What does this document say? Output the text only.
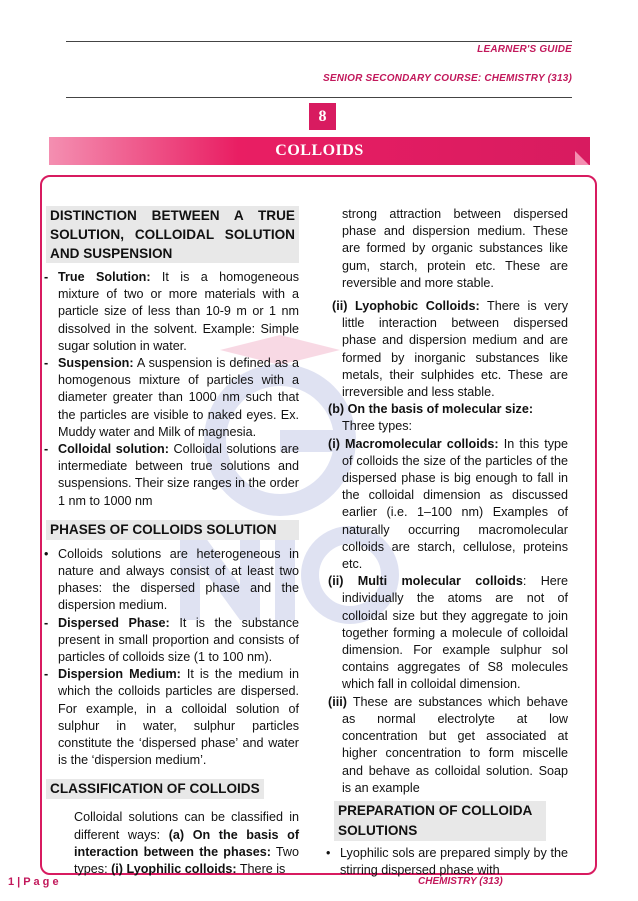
LEARNER'S GUIDE
SENIOR SECONDARY COURSE: CHEMISTRY (313)
8
COLLOIDS

DISTINCTION BETWEEN A TRUE SOLUTION, COLLOIDAL SOLUTION AND SUSPENSION

- True Solution: It is a homogeneous mixture of two or more materials with a particle size of less than 10-9 m or 1 nm dissolved in the solvent. Example: Simple sugar solution in water.

- Suspension: A suspension is defined as a homogenous mixture of particles with a diameter greater than 1000 nm such that the particles are visible to naked eyes. Ex. Muddy water and Milk of magnesia.

- Colloidal solution: Colloidal solutions are intermediate between true solutions and suspensions. Their size ranges in the order 1 nm to 1000 nm

PHASES OF COLLOIDS SOLUTION

• Colloids solutions are heterogeneous in nature and always consist of at least two phases: the dispersed phase and the dispersion medium.

- Dispersed Phase: It is the substance present in small proportion and consists of particles of colloids size (1 to 100 nm).

- Dispersion Medium: It is the medium in which the colloids particles are dispersed. For example, in a colloidal solution of sulphur in water, sulphur particles constitute the ‘dispersed phase’ and water is the ‘dispersion medium’.

CLASSIFICATION OF COLLOIDS

Colloidal solutions can be classified in different ways: (a) On the basis of interaction between the phases: Two types: (i) Lyophilic colloids: There is

strong attraction between dispersed phase and dispersion medium. These are formed by organic substances like gum, starch, protein etc. These are reversible and more stable.

(ii) Lyophobic Colloids: There is very little interaction between dispersed phase and dispersion medium and are formed by inorganic substances like metals, their sulphides etc. These are irreversible and less stable.

(b) On the basis of molecular size:
Three types:

(i) Macromolecular colloids: In this type of colloids the size of the particles of the dispersed phase is big enough to fall in the colloidal dimension as discussed earlier (i.e. 1–100 nm) Examples of naturally occurring macromolecular colloids are starch, cellulose, proteins etc.

(ii) Multi molecular colloids: Here individually the atoms are not of colloidal size but they aggregate to join together forming a molecule of colloidal dimension. For example sulphur sol contains aggregates of S8 molecules which fall in colloidal dimension.

(iii) These are substances which behave as normal electrolyte at low concentration but get associated at higher concentration to form miscelle and behave as colloidal solution. Soap is an example

PREPARATION OF COLLOIDA SOLUTIONS

• Lyophilic sols are prepared simply by the stirring dispersed phase with

1 | P a g e	CHEMISTRY (313)
